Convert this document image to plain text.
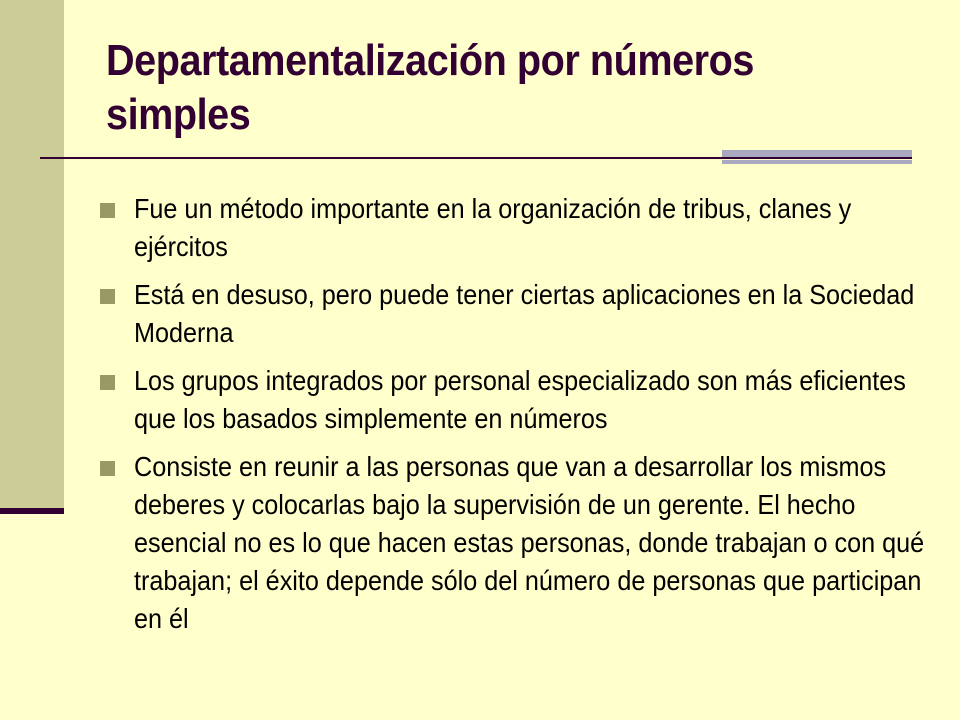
Departamentalización por números simples
Fue un método importante en la organización de tribus, clanes y ejércitos
Está en desuso, pero puede tener ciertas aplicaciones en la Sociedad Moderna
Los grupos integrados por personal especializado son más eficientes que los basados simplemente en números
Consiste en reunir a las personas que van a desarrollar los mismos deberes y colocarlas bajo la supervisión de un gerente. El hecho esencial no es lo que hacen estas personas, donde trabajan o con qué trabajan; el éxito depende sólo del número de personas que participan en él
